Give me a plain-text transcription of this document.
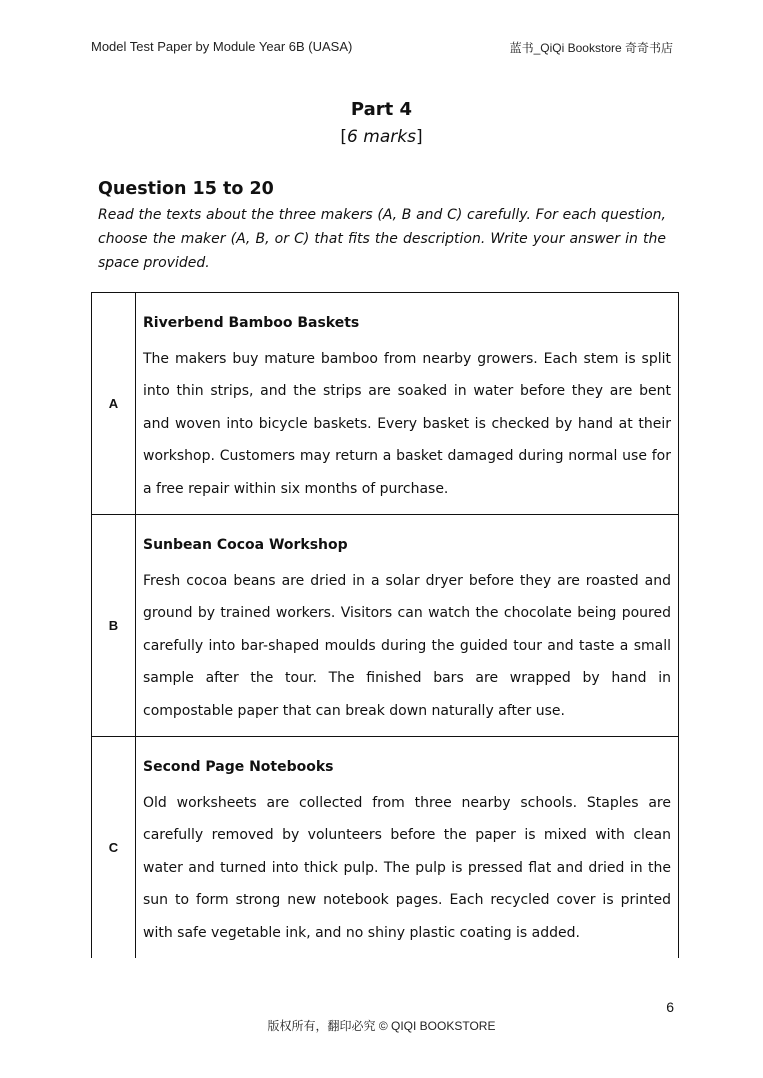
Model Test Paper by Module Year 6B (UASA)	蓝书_QiQi Bookstore 奇奇书店
Part 4
[6 marks]
Question 15 to 20
Read the texts about the three makers (A, B and C) carefully. For each question, choose the maker (A, B, or C) that fits the description. Write your answer in the space provided.
A	Riverbend Bamboo Baskets
The makers buy mature bamboo from nearby growers. Each stem is split into thin strips, and the strips are soaked in water before they are bent and woven into bicycle baskets. Every basket is checked by hand at their workshop. Customers may return a basket damaged during normal use for a free repair within six months of purchase.

B	Sunbean Cocoa Workshop
Fresh cocoa beans are dried in a solar dryer before they are roasted and ground by trained workers. Visitors can watch the chocolate being poured carefully into bar-shaped moulds during the guided tour and taste a small sample after the tour. The finished bars are wrapped by hand in compostable paper that can break down naturally after use.

C	Second Page Notebooks
Old worksheets are collected from three nearby schools. Staples are carefully removed by volunteers before the paper is mixed with clean water and turned into thick pulp. The pulp is pressed flat and dried in the sun to form strong new notebook pages. Each recycled cover is printed with safe vegetable ink, and no shiny plastic coating is added.
6
版权所有，翻印必究 © QIQI BOOKSTORE
